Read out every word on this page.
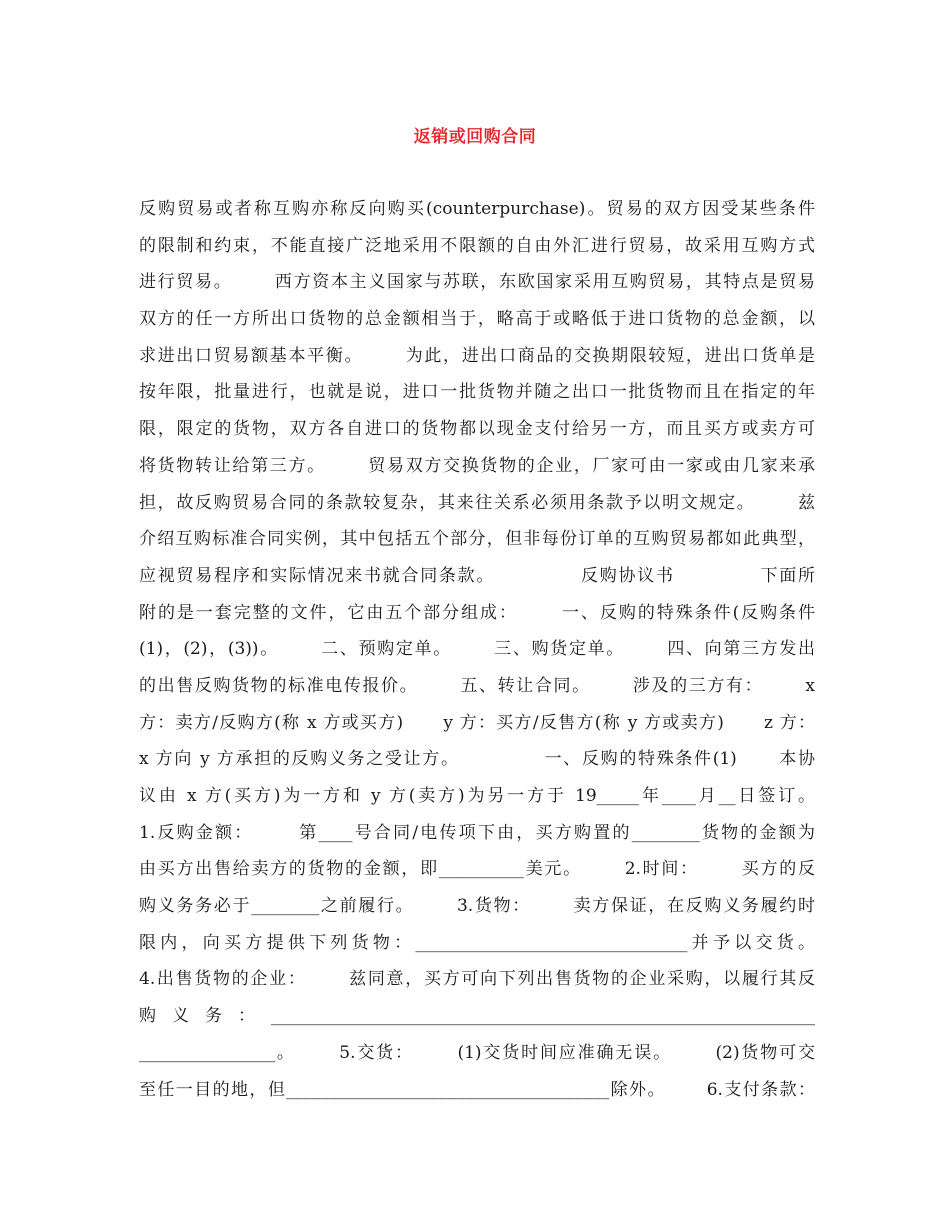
返销或回购合同
反购贸易或者称互购亦称反向购买(counterpurchase)。贸易的双方因受某些条件
的限制和约束，不能直接广泛地采用不限额的自由外汇进行贸易，故采用互购方式
进行贸易。      西方资本主义国家与苏联，东欧国家采用互购贸易，其特点是贸易
双方的任一方所出口货物的总金额相当于，略高于或略低于进口货物的总金额，以
求进出口贸易额基本平衡。      为此，进出口商品的交换期限较短，进出口货单是
按年限，批量进行，也就是说，进口一批货物并随之出口一批货物而且在指定的年
限，限定的货物，双方各自进口的货物都以现金支付给另一方，而且买方或卖方可
将货物转让给第三方。      贸易双方交换货物的企业，厂家可由一家或由几家来承
担，故反购贸易合同的条款较复杂，其来往关系必须用条款予以明文规定。      兹
介绍互购标准合同实例，其中包括五个部分，但非每份订单的互购贸易都如此典型，
应视贸易程序和实际情况来书就合同条款。            反购协议书            下面所
附的是一套完整的文件，它由五个部分组成：      一、反购的特殊条件(反购条件
(1)，(2)，(3))。      二、预购定单。      三、购货定单。      四、向第三方发出
的出售反购货物的标准电传报价。      五、转让合同。      涉及的三方有：      x
方：卖方/反购方(称 x 方或买方)      y 方：买方/反售方(称 y 方或卖方)      z 方：
x 方向 y 方承担的反购义务之受让方。            一、反购的特殊条件(1)      本协
议由 x 方(买方)为一方和 y 方(卖方)为另一方于 19_____年____月__日签订。
1.反购金额：      第____号合同/电传项下由，买方购置的________货物的金额为
由买方出售给卖方的货物的金额，即__________美元。      2.时间：      买方的反
购义务务必于________之前履行。      3.货物：      卖方保证，在反购义务履约时
限内，向买方提供下列货物：________________________________并予以交货。
4.出售货物的企业：      兹同意，买方可向下列出售货物的企业采购，以履行其反
购义务：________________________________________________________________
________________。      5.交货：      (1)交货时间应准确无误。      (2)货物可交
至任一目的地，但______________________________________除外。      6.支付条款：
